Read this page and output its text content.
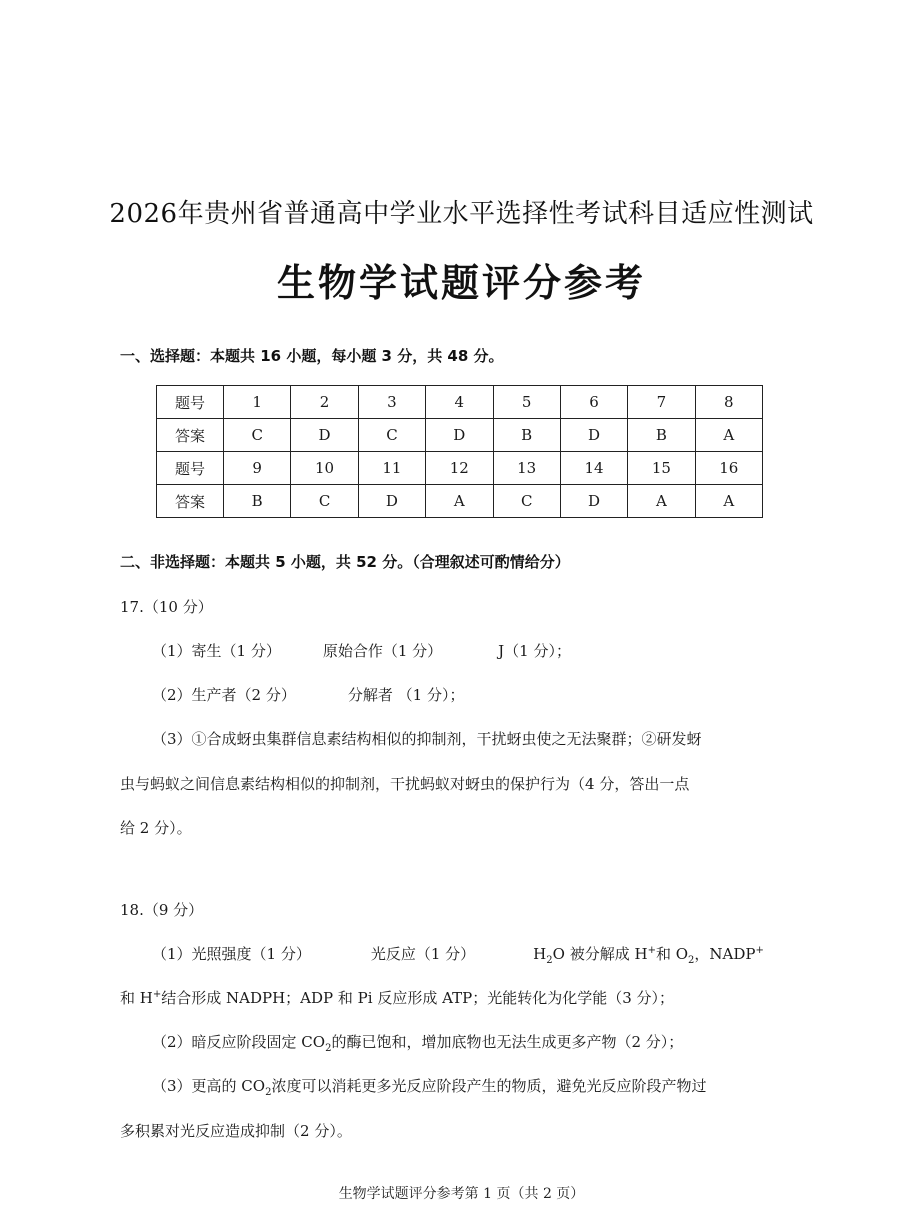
2026年贵州省普通高中学业水平选择性考试科目适应性测试
生物学试题评分参考
一、选择题：本题共 16 小题，每小题 3 分，共 48 分。
题号	1	2	3	4	5	6	7	8
答案	C	D	C	D	B	D	B	A
题号	9	10	11	12	13	14	15	16
答案	B	C	D	A	C	D	A	A
二、非选择题：本题共 5 小题，共 52 分。（合理叙述可酌情给分）
17.（10 分）
（1）寄生（1 分）	原始合作（1 分）	J（1 分）；
（2）生产者（2 分）	分解者 （1 分）；
（3）①合成蚜虫集群信息素结构相似的抑制剂，干扰蚜虫使之无法聚群；②研发蚜
虫与蚂蚁之间信息素结构相似的抑制剂，干扰蚂蚁对蚜虫的保护行为（4 分，答出一点
给 2 分）。
18.（9 分）
（1）光照强度（1 分）	光反应（1 分）	$H_2O$ 被分解成 H+和 $O_2$，NADP+
和 H+结合形成 NADPH；ADP 和 Pi 反应形成 ATP；光能转化为化学能（3 分）；
（2）暗反应阶段固定 $CO_2$的酶已饱和，增加底物也无法生成更多产物（2 分）；
（3）更高的 $CO_2$浓度可以消耗更多光反应阶段产生的物质，避免光反应阶段产物过
多积累对光反应造成抑制（2 分）。
生物学试题评分参考第 1 页（共 2 页）
